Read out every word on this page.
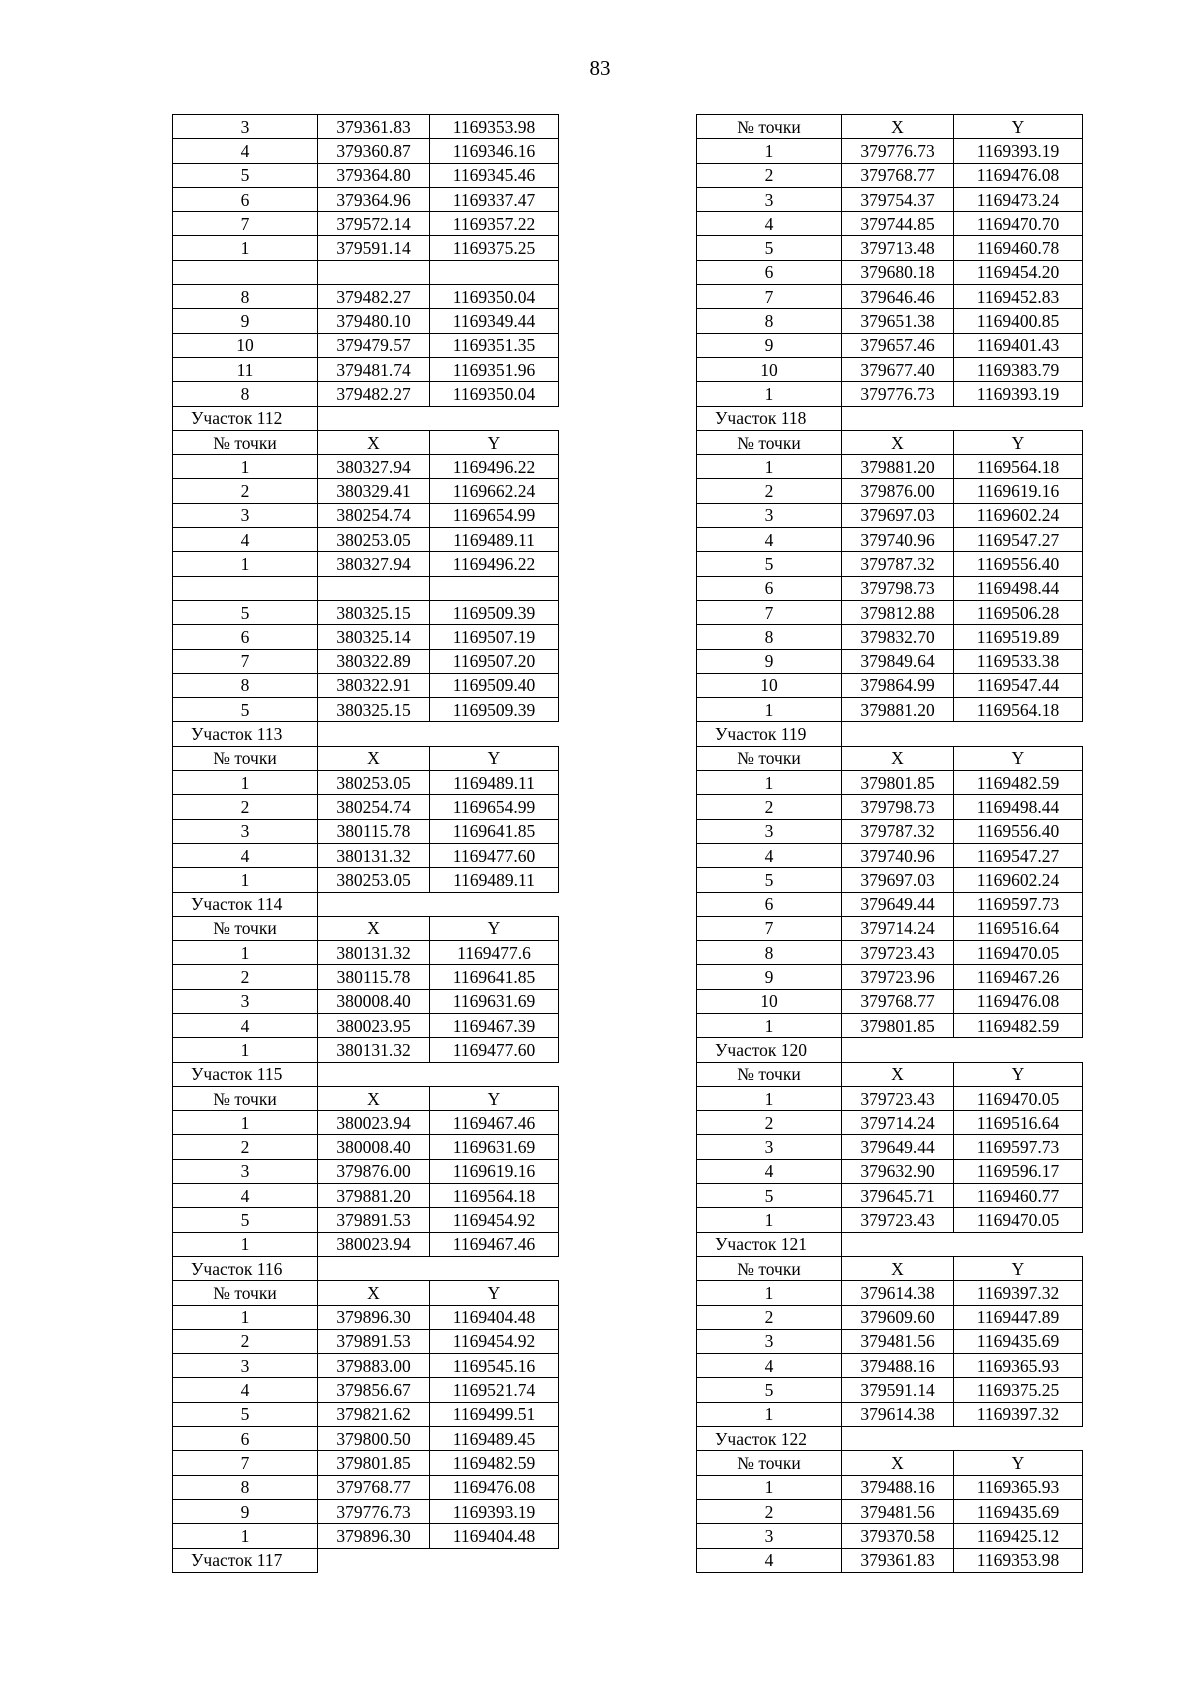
83
3	379361.83	1169353.98
4	379360.87	1169346.16
5	379364.80	1169345.46
6	379364.96	1169337.47
7	379572.14	1169357.22
1	379591.14	1169375.25

8	379482.27	1169350.04
9	379480.10	1169349.44
10	379479.57	1169351.35
11	379481.74	1169351.96
8	379482.27	1169350.04
Участок 112		
№ точки	X	Y
1	380327.94	1169496.22
2	380329.41	1169662.24
3	380254.74	1169654.99
4	380253.05	1169489.11
1	380327.94	1169496.22

5	380325.15	1169509.39
6	380325.14	1169507.19
7	380322.89	1169507.20
8	380322.91	1169509.40
5	380325.15	1169509.39
Участок 113		
№ точки	X	Y
1	380253.05	1169489.11
2	380254.74	1169654.99
3	380115.78	1169641.85
4	380131.32	1169477.60
1	380253.05	1169489.11
Участок 114		
№ точки	X	Y
1	380131.32	1169477.6
2	380115.78	1169641.85
3	380008.40	1169631.69
4	380023.95	1169467.39
1	380131.32	1169477.60
Участок 115		
№ точки	X	Y
1	380023.94	1169467.46
2	380008.40	1169631.69
3	379876.00	1169619.16
4	379881.20	1169564.18
5	379891.53	1169454.92
1	380023.94	1169467.46
Участок 116		
№ точки	X	Y
1	379896.30	1169404.48
2	379891.53	1169454.92
3	379883.00	1169545.16
4	379856.67	1169521.74
5	379821.62	1169499.51
6	379800.50	1169489.45
7	379801.85	1169482.59
8	379768.77	1169476.08
9	379776.73	1169393.19
1	379896.30	1169404.48
Участок 117		
№ точки	X	Y
1	379776.73	1169393.19
2	379768.77	1169476.08
3	379754.37	1169473.24
4	379744.85	1169470.70
5	379713.48	1169460.78
6	379680.18	1169454.20
7	379646.46	1169452.83
8	379651.38	1169400.85
9	379657.46	1169401.43
10	379677.40	1169383.79
1	379776.73	1169393.19
Участок 118		
№ точки	X	Y
1	379881.20	1169564.18
2	379876.00	1169619.16
3	379697.03	1169602.24
4	379740.96	1169547.27
5	379787.32	1169556.40
6	379798.73	1169498.44
7	379812.88	1169506.28
8	379832.70	1169519.89
9	379849.64	1169533.38
10	379864.99	1169547.44
1	379881.20	1169564.18
Участок 119		
№ точки	X	Y
1	379801.85	1169482.59
2	379798.73	1169498.44
3	379787.32	1169556.40
4	379740.96	1169547.27
5	379697.03	1169602.24
6	379649.44	1169597.73
7	379714.24	1169516.64
8	379723.43	1169470.05
9	379723.96	1169467.26
10	379768.77	1169476.08
1	379801.85	1169482.59
Участок 120		
№ точки	X	Y
1	379723.43	1169470.05
2	379714.24	1169516.64
3	379649.44	1169597.73
4	379632.90	1169596.17
5	379645.71	1169460.77
1	379723.43	1169470.05
Участок 121		
№ точки	X	Y
1	379614.38	1169397.32
2	379609.60	1169447.89
3	379481.56	1169435.69
4	379488.16	1169365.93
5	379591.14	1169375.25
1	379614.38	1169397.32
Участок 122		
№ точки	X	Y
1	379488.16	1169365.93
2	379481.56	1169435.69
3	379370.58	1169425.12
4	379361.83	1169353.98
